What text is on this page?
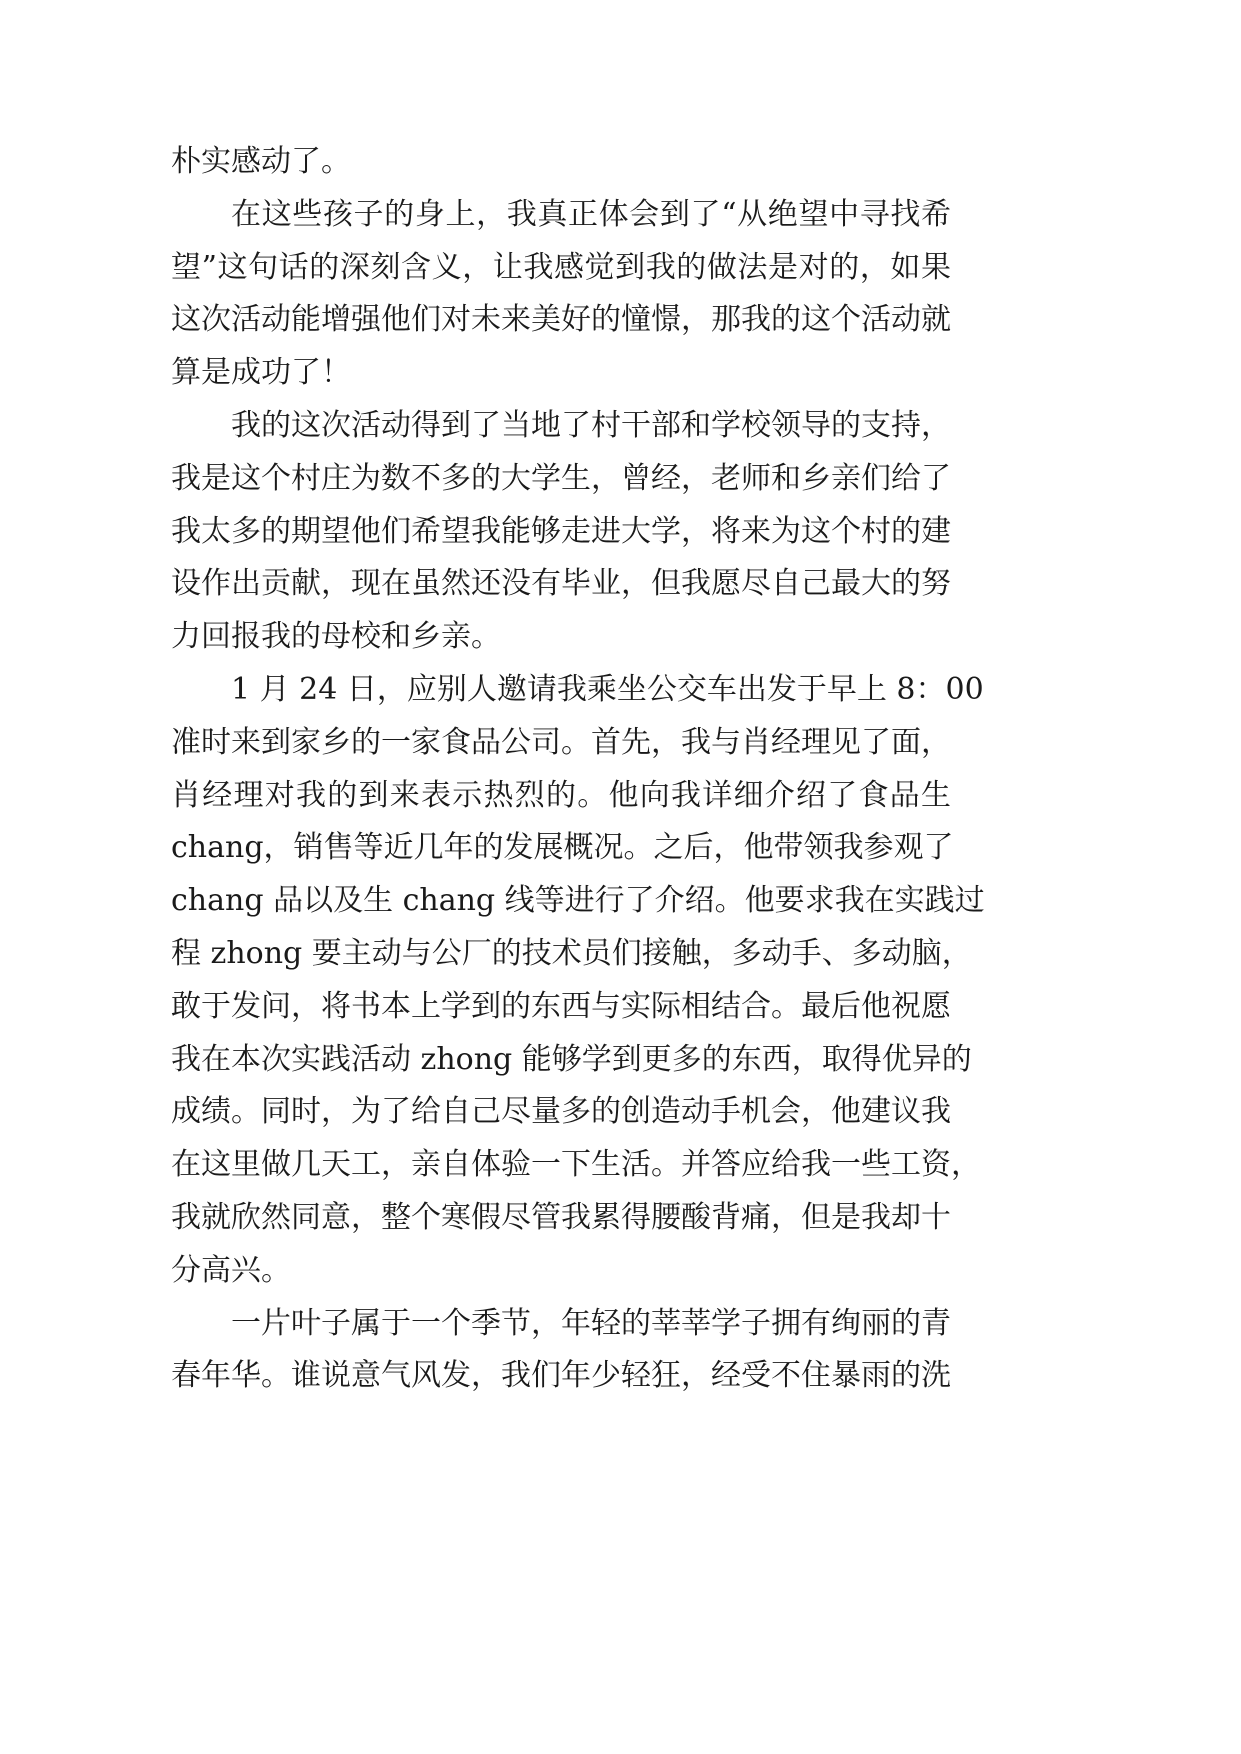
朴实感动了。
在这些孩子的身上，我真正体会到了“从绝望中寻找希
望”这句话的深刻含义，让我感觉到我的做法是对的，如果
这次活动能增强他们对未来美好的憧憬，那我的这个活动就
算是成功了！
我的这次活动得到了当地了村干部和学校领导的支持，
我是这个村庄为数不多的大学生，曾经，老师和乡亲们给了
我太多的期望他们希望我能够走进大学，将来为这个村的建
设作出贡献，现在虽然还没有毕业，但我愿尽自己最大的努
力回报我的母校和乡亲。
1 月 24 日，应别人邀请我乘坐公交车出发于早上 8：00
准时来到家乡的一家食品公司。首先，我与肖经理见了面，
肖经理对我的到来表示热烈的。他向我详细介绍了食品生
chang，销售等近几年的发展概况。之后，他带领我参观了
chang 品以及生 chang 线等进行了介绍。他要求我在实践过
程 zhong 要主动与公厂的技术员们接触，多动手、多动脑，
敢于发问，将书本上学到的东西与实际相结合。最后他祝愿
我在本次实践活动 zhong 能够学到更多的东西，取得优异的
成绩。同时，为了给自己尽量多的创造动手机会，他建议我
在这里做几天工，亲自体验一下生活。并答应给我一些工资，
我就欣然同意，整个寒假尽管我累得腰酸背痛，但是我却十
分高兴。
一片叶子属于一个季节，年轻的莘莘学子拥有绚丽的青
春年华。谁说意气风发，我们年少轻狂，经受不住暴雨的洗
